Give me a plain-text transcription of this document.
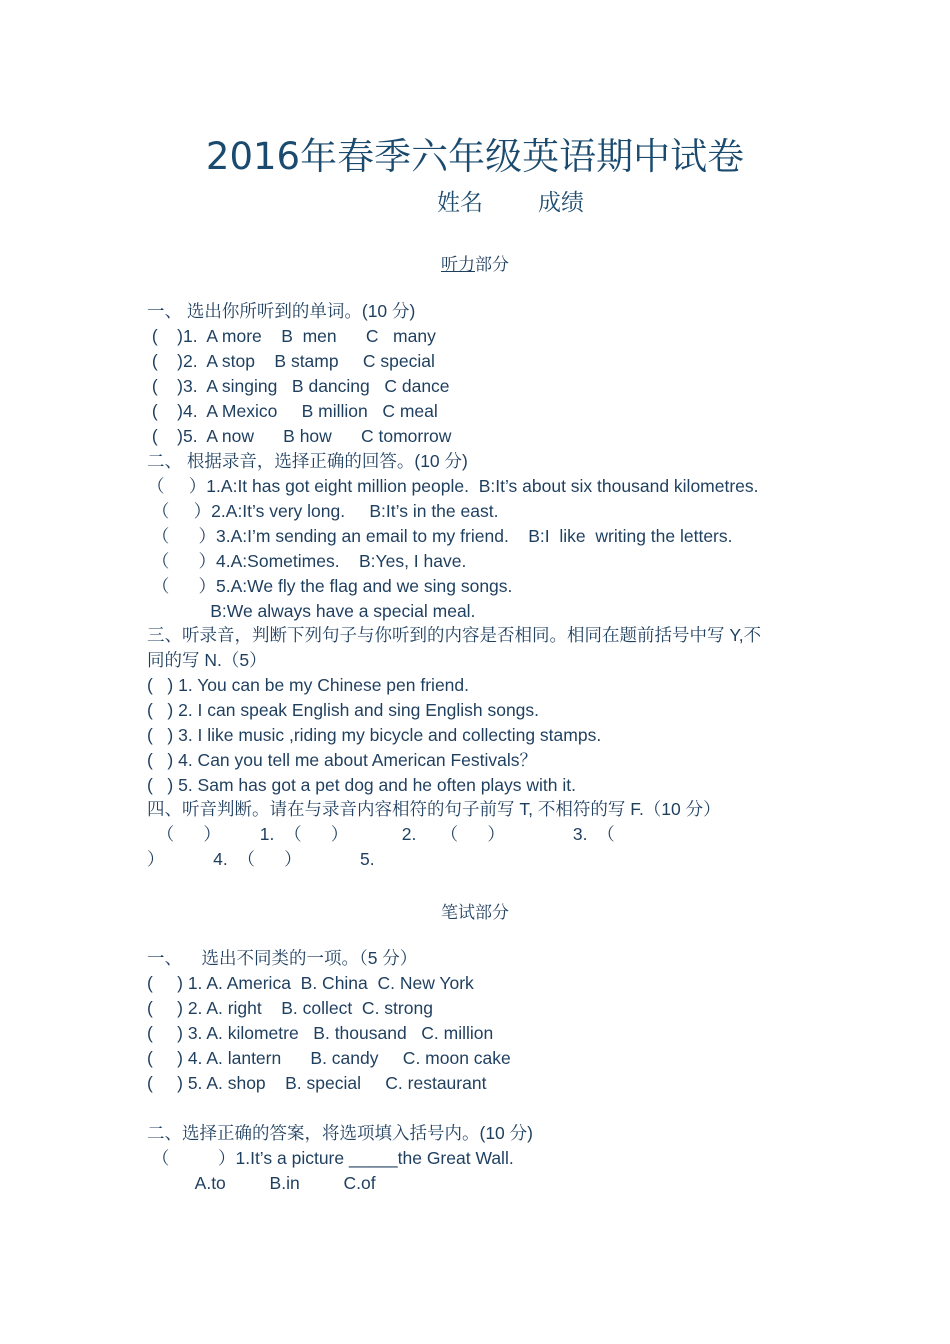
2016年春季六年级英语期中试卷
姓名 成绩
听力部分
笔试部分
一、 选出你所听到的单词。(10 分)
(    )1.  A more    B  men      C   many
(    )2.  A stop    B stamp     C special
(    )3.  A singing   B dancing   C dance
(    )4.  A Mexico     B million   C meal
(    )5.  A now      B how      C tomorrow
二、 根据录音，选择正确的回答。(10 分)
（     ）1.A:It has got eight million people.  B:It’s about six thousand kilometres.
（     ）2.A:It’s very long.     B:It’s in the east.
（      ）3.A:I’m sending an email to my friend.    B:I  like  writing the letters.
（      ）4.A:Sometimes.    B:Yes, I have.
（      ）5.A:We fly the flag and we sing songs.
B:We always have a special meal.
三、听录音，判断下列句子与你听到的内容是否相同。相同在题前括号中写 Y,不
同的写 N.（5）
(   ) 1. You can be my Chinese pen friend.
(   ) 2. I can speak English and sing English songs.
(   ) 3. I like music ,riding my bicycle and collecting stamps.
(   ) 4. Can you tell me about American Festivals？
(   ) 5. Sam has got a pet dog and he often plays with it.
四、听音判断。请在与录音内容相符的句子前写 T, 不相符的写 F.（10 分）
（      ）        1.  （      ）           2.     （      ）              3.  （
）          4.  （      ）            5.
一、    选出不同类的一项。（5 分）
(     ) 1. A. America  B. China  C. New York
(     ) 2. A. right    B. collect  C. strong
(     ) 3. A. kilometre   B. thousand   C. million
(     ) 4. A. lantern      B. candy     C. moon cake
(     ) 5. A. shop    B. special     C. restaurant
二、选择正确的答案，将选项填入括号内。(10 分)
（          ）1.It’s a picture _____the Great Wall.
A.to         B.in         C.of
